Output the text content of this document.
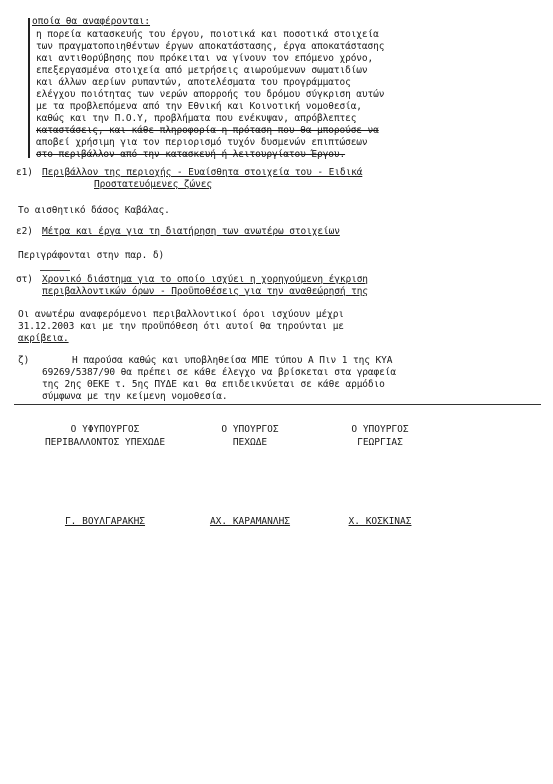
οποία θα αναφέρονται:
η πορεία κατασκευής του έργου, ποιοτικά και ποσοτικά στοιχεία
των πραγματοποιηθέντων έργων αποκατάστασης, έργα αποκατάστασης
και αντιθορύβησης που πρόκειται να γίνουν τον επόμενο χρόνο,
επεξεργασμένα στοιχεία από μετρήσεις αιωρούμενων σωματιδίων
και άλλων αερίων ρυπαντών, αποτελέσματα του προγράμματος
ελέγχου ποιότητας των νερών απορροής του δρόμου σύγκριση αυτών
με τα προβλεπόμενα από την Εθνική και Κοινοτική νομοθεσία,
καθώς και την Π.Ο.Υ, προβλήματα που ενέκυψαν, απρόβλεπτες
καταστάσεις, και κάθε πληροφορία η πρόταση που θα μπορούσε να
αποβεί χρήσιμη για τον περιορισμό τυχόν δυσμενών επιπτώσεων
στο περιβάλλον από την κατασκευή ή λειτουργίατου Έργου.
ε1) Περιβάλλον της περιοχής - Ευαίσθητα στοιχεία του - Ειδικά
Προστατευόμενες ζώνες
Το αισθητικό δάσος Καβάλας.
ε2) Μέτρα και έργα για τη διατήρηση των ανωτέρω στοιχείων
Περιγράφονται στην παρ. δ)
στ) Χρονικό διάστημα για το οποίο ισχύει η χορηγούμενη έγκριση
περιβαλλοντικών όρων - Προϋποθέσεις για την αναθεώρησή της
Οι ανωτέρω αναφερόμενοι περιβαλλοντικοί όροι ισχύουν μέχρι
31.12.2003 και με την προϋπόθεση ότι αυτοί θα τηρούνται με
ακρίβεια.
ζ)	Η παρούσα καθώς και υποβληθείσα ΜΠΕ τύπου Α Πιν 1 της ΚΥΑ
69269/5387/90 θα πρέπει σε κάθε έλεγχο να βρίσκεται στα γραφεία
της 2ης ΘΕΚΕ τ. 5ης ΠΥΔΕ και θα επιδεικνύεται σε κάθε αρμόδιο
σύμφωνα με την κείμενη νομοθεσία.
Ο ΥΦΥΠΟΥΡΓΟΣ
ΠΕΡΙΒΑΛΛΟΝΤΟΣ ΥΠΕΧΩΔΕ
Γ. ΒΟΥΛΓΑΡΑΚΗΣ
Ο ΥΠΟΥΡΓΟΣ
ΠΕΧΩΔΕ
ΑΧ. ΚΑΡΑΜΑΝΛΗΣ
Ο ΥΠΟΥΡΓΟΣ
ΓΕΩΡΓΙΑΣ
Χ. ΚΟΣΚΙΝΑΣ
